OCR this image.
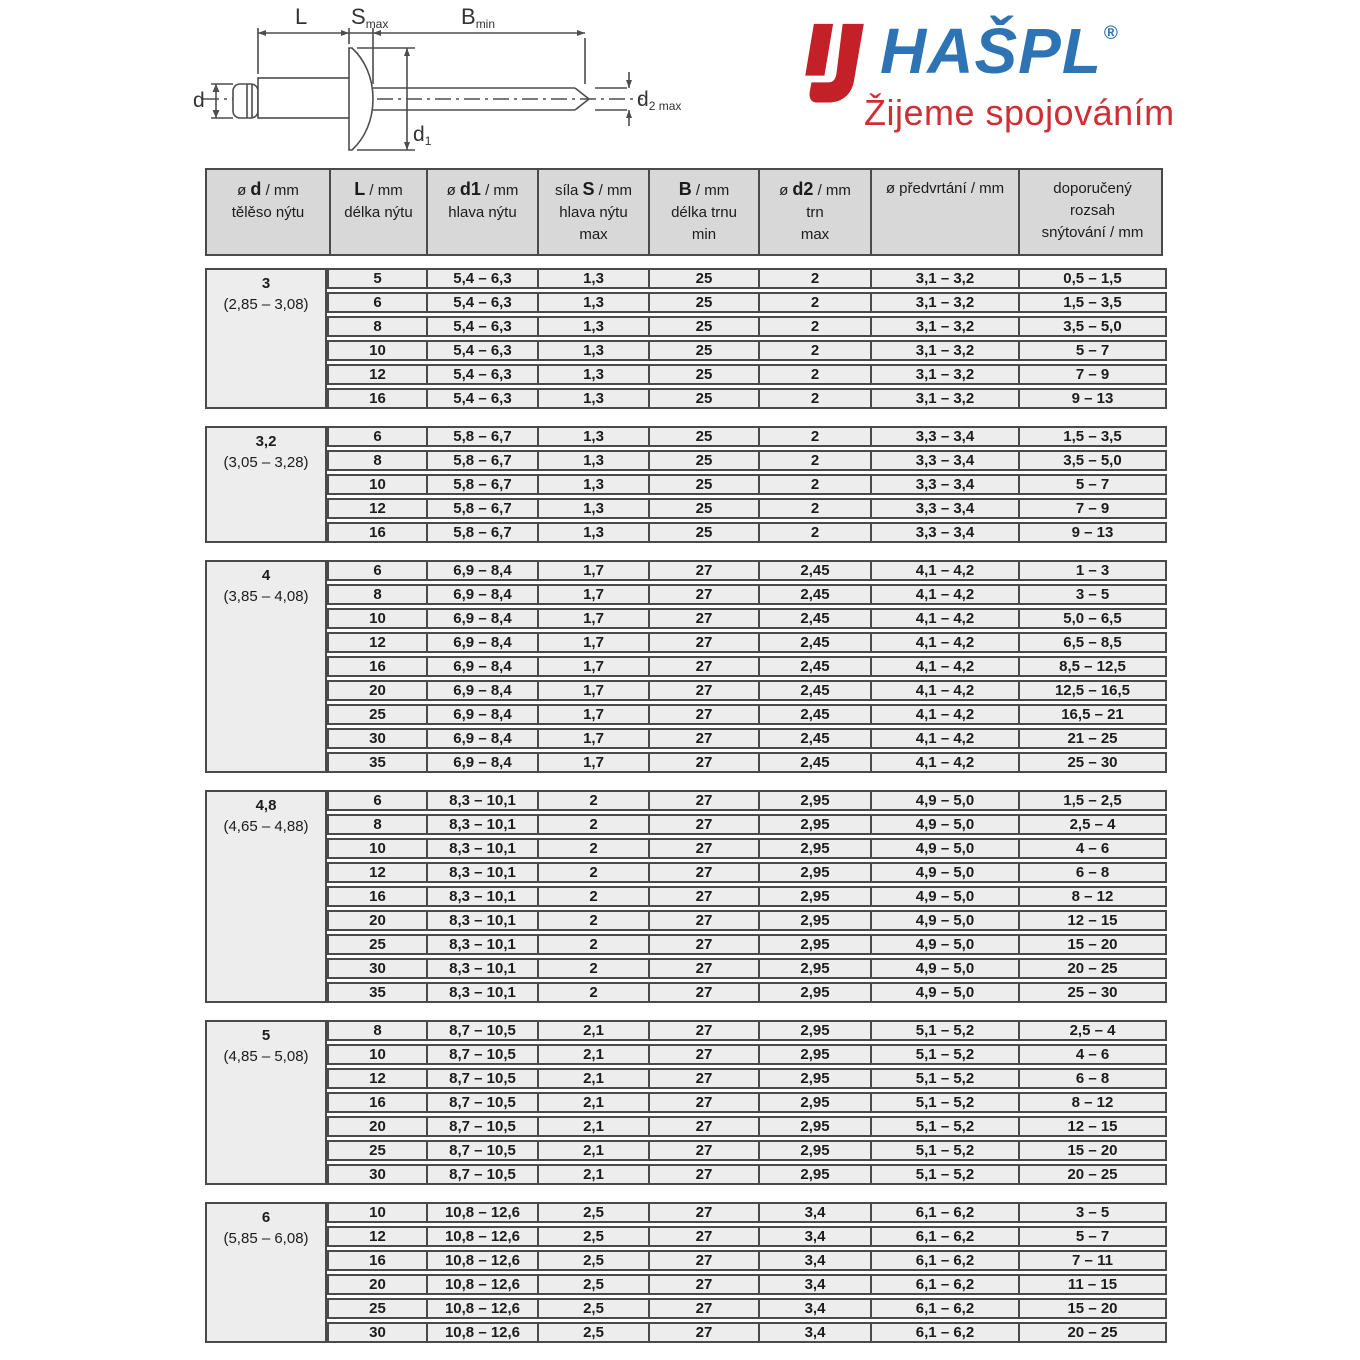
L Smax	Bmin
d
d1
d2 max
HAŠPL ®
Žijeme spojováním
ø d / mm
tělěso nýtu
L / mm
délka nýtu
ø d1 / mm
hlava nýtu
síla S / mm
hlava nýtu
max
B / mm
délka trnu
min
ø d2 / mm
trn
max
ø předvrtání / mm	doporučený
rozsah
snýtování / mm
3
(2,85 – 3,08)
5	5,4 – 6,3	1,3	25	2	3,1 – 3,2	0,5 – 1,5
6	5,4 – 6,3	1,3	25	2	3,1 – 3,2	1,5 – 3,5
8	5,4 – 6,3	1,3	25	2	3,1 – 3,2	3,5 – 5,0
10	5,4 – 6,3	1,3	25	2	3,1 – 3,2	5 – 7
12	5,4 – 6,3	1,3	25	2	3,1 – 3,2	7 – 9
16	5,4 – 6,3	1,3	25	2	3,1 – 3,2	9 – 13
3,2
(3,05 – 3,28)
6	5,8 – 6,7	1,3	25	2	3,3 – 3,4	1,5 – 3,5
8	5,8 – 6,7	1,3	25	2	3,3 – 3,4	3,5 – 5,0
10	5,8 – 6,7	1,3	25	2	3,3 – 3,4	5 – 7
12	5,8 – 6,7	1,3	25	2	3,3 – 3,4	7 – 9
16	5,8 – 6,7	1,3	25	2	3,3 – 3,4	9 – 13
4
(3,85 – 4,08)
6	6,9 – 8,4	1,7	27	2,45	4,1 – 4,2	1 – 3
8	6,9 – 8,4	1,7	27	2,45	4,1 – 4,2	3 – 5
10	6,9 – 8,4	1,7	27	2,45	4,1 – 4,2	5,0 – 6,5
12	6,9 – 8,4	1,7	27	2,45	4,1 – 4,2	6,5 – 8,5
16	6,9 – 8,4	1,7	27	2,45	4,1 – 4,2	8,5 – 12,5
20	6,9 – 8,4	1,7	27	2,45	4,1 – 4,2	12,5 – 16,5
25	6,9 – 8,4	1,7	27	2,45	4,1 – 4,2	16,5 – 21
30	6,9 – 8,4	1,7	27	2,45	4,1 – 4,2	21 – 25
35	6,9 – 8,4	1,7	27	2,45	4,1 – 4,2	25 – 30
4,8
(4,65 – 4,88)
6	8,3 – 10,1	2	27	2,95	4,9 – 5,0	1,5 – 2,5
8	8,3 – 10,1	2	27	2,95	4,9 – 5,0	2,5 – 4
10	8,3 – 10,1	2	27	2,95	4,9 – 5,0	4 – 6
12	8,3 – 10,1	2	27	2,95	4,9 – 5,0	6 – 8
16	8,3 – 10,1	2	27	2,95	4,9 – 5,0	8 – 12
20	8,3 – 10,1	2	27	2,95	4,9 – 5,0	12 – 15
25	8,3 – 10,1	2	27	2,95	4,9 – 5,0	15 – 20
30	8,3 – 10,1	2	27	2,95	4,9 – 5,0	20 – 25
35	8,3 – 10,1	2	27	2,95	4,9 – 5,0	25 – 30
5
(4,85 – 5,08)
8	8,7 – 10,5	2,1	27	2,95	5,1 – 5,2	2,5 – 4
10	8,7 – 10,5	2,1	27	2,95	5,1 – 5,2	4 – 6
12	8,7 – 10,5	2,1	27	2,95	5,1 – 5,2	6 – 8
16	8,7 – 10,5	2,1	27	2,95	5,1 – 5,2	8 – 12
20	8,7 – 10,5	2,1	27	2,95	5,1 – 5,2	12 – 15
25	8,7 – 10,5	2,1	27	2,95	5,1 – 5,2	15 – 20
30	8,7 – 10,5	2,1	27	2,95	5,1 – 5,2	20 – 25
6
(5,85 – 6,08)
10	10,8 – 12,6	2,5	27	3,4	6,1 – 6,2	3 – 5
12	10,8 – 12,6	2,5	27	3,4	6,1 – 6,2	5 – 7
16	10,8 – 12,6	2,5	27	3,4	6,1 – 6,2	7 – 11
20	10,8 – 12,6	2,5	27	3,4	6,1 – 6,2	11 – 15
25	10,8 – 12,6	2,5	27	3,4	6,1 – 6,2	15 – 20
30	10,8 – 12,6	2,5	27	3,4	6,1 – 6,2	20 – 25
